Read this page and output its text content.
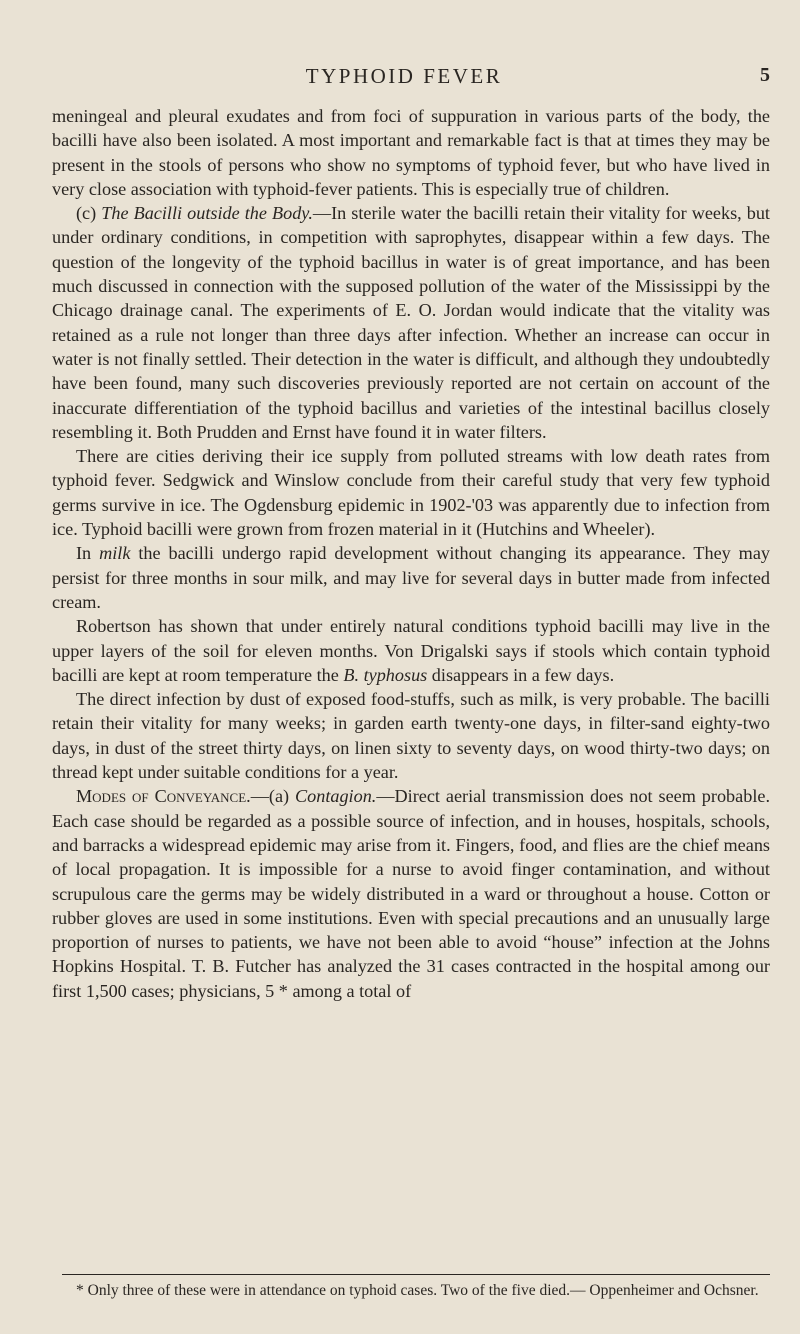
TYPHOID FEVER	5

meningeal and pleural exudates and from foci of suppuration in various parts of the body, the bacilli have also been isolated. A most important and remarkable fact is that at times they may be present in the stools of persons who show no symptoms of typhoid fever, but who have lived in very close association with typhoid-fever patients. This is especially true of children.

(c) The Bacilli outside the Body.—In sterile water the bacilli retain their vitality for weeks, but under ordinary conditions, in competition with saprophytes, disappear within a few days. The question of the longevity of the typhoid bacillus in water is of great importance, and has been much discussed in connection with the supposed pollution of the water of the Mississippi by the Chicago drainage canal. The experiments of E. O. Jordan would indicate that the vitality was retained as a rule not longer than three days after infection. Whether an increase can occur in water is not finally settled. Their detection in the water is difficult, and although they undoubtedly have been found, many such discoveries previously reported are not certain on account of the inaccurate differentiation of the typhoid bacillus and varieties of the intestinal bacillus closely resembling it. Both Prudden and Ernst have found it in water filters.

There are cities deriving their ice supply from polluted streams with low death rates from typhoid fever. Sedgwick and Winslow conclude from their careful study that very few typhoid germs survive in ice. The Ogdensburg epidemic in 1902-'03 was apparently due to infection from ice. Typhoid bacilli were grown from frozen material in it (Hutchins and Wheeler).

In milk the bacilli undergo rapid development without changing its appearance. They may persist for three months in sour milk, and may live for several days in butter made from infected cream.

Robertson has shown that under entirely natural conditions typhoid bacilli may live in the upper layers of the soil for eleven months. Von Drigalski says if stools which contain typhoid bacilli are kept at room temperature the B. typhosus disappears in a few days.

The direct infection by dust of exposed food-stuffs, such as milk, is very probable. The bacilli retain their vitality for many weeks; in garden earth twenty-one days, in filter-sand eighty-two days, in dust of the street thirty days, on linen sixty to seventy days, on wood thirty-two days; on thread kept under suitable conditions for a year.

Modes of Conveyance.—(a) Contagion.—Direct aerial transmission does not seem probable. Each case should be regarded as a possible source of infection, and in houses, hospitals, schools, and barracks a widespread epidemic may arise from it. Fingers, food, and flies are the chief means of local propagation. It is impossible for a nurse to avoid finger contamination, and without scrupulous care the germs may be widely distributed in a ward or throughout a house. Cotton or rubber gloves are used in some institutions. Even with special precautions and an unusually large proportion of nurses to patients, we have not been able to avoid “house” infection at the Johns Hopkins Hospital. T. B. Futcher has analyzed the 31 cases contracted in the hospital among our first 1,500 cases; physicians, 5 * among a total of

* Only three of these were in attendance on typhoid cases. Two of the five died.— Oppenheimer and Ochsner.
